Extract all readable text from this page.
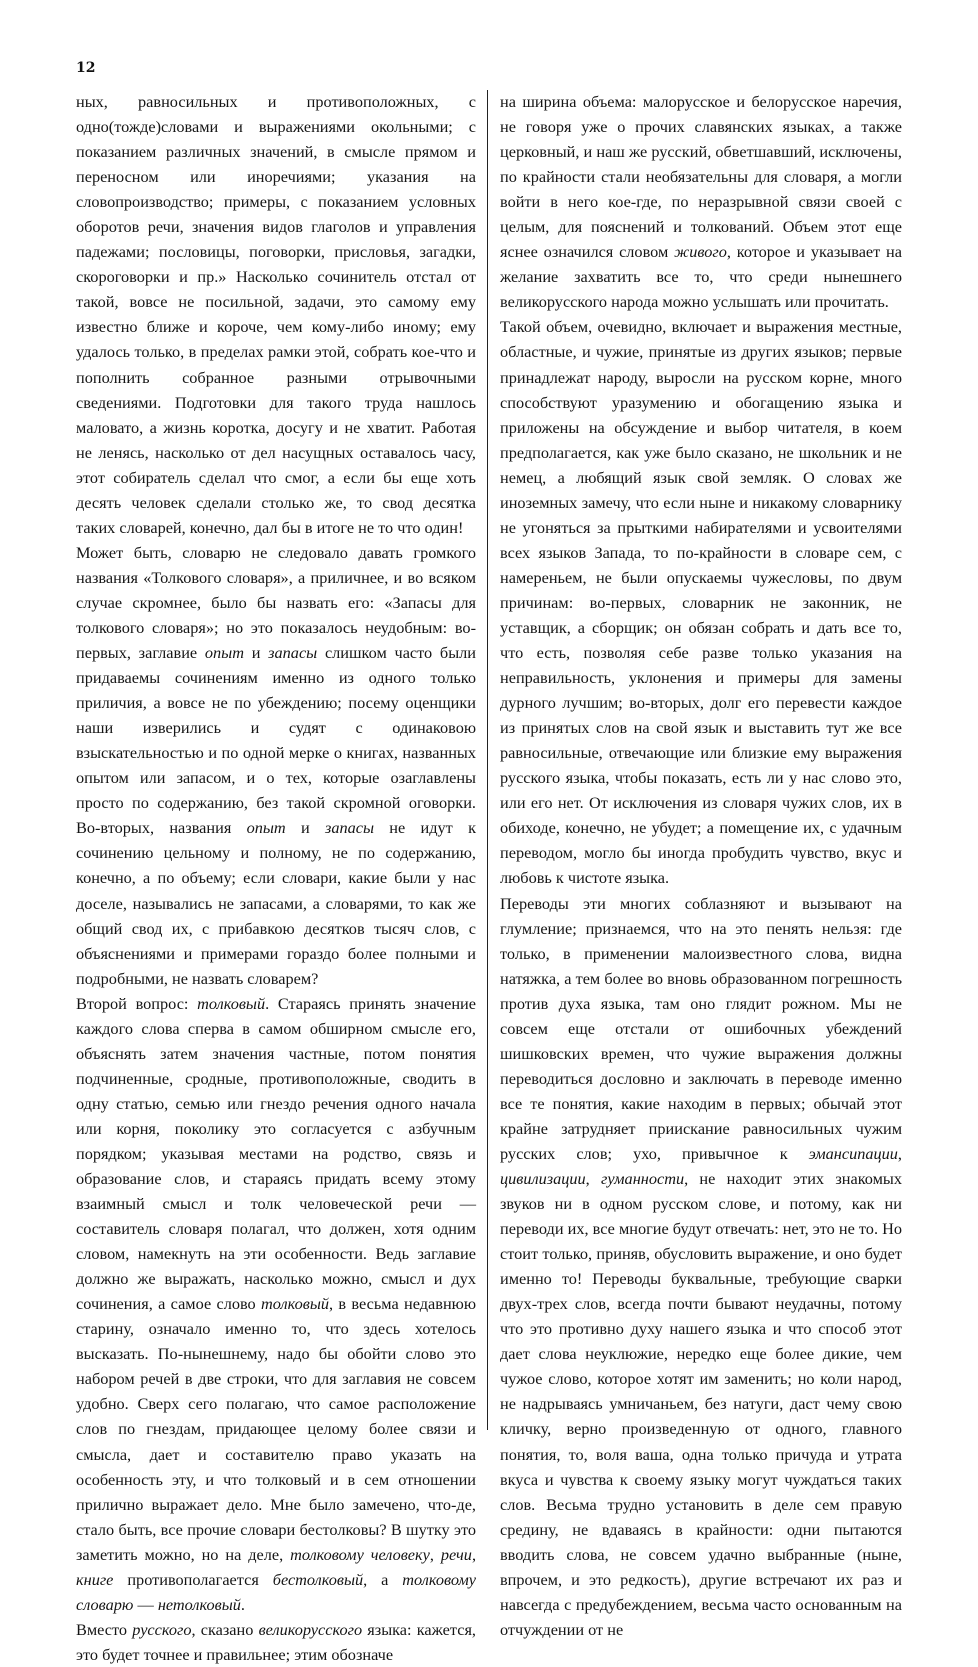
12

ных, равносильных и противоположных, с одно(тожде)словами и выражениями окольными; с показанием различных значений, в смысле прямом и переносном или иноречиями; указания на словопроизводство; примеры, с показанием условных оборотов речи, значения видов глаголов и управления падежами; пословицы, поговорки, присловья, загадки, скороговорки и пр.» Насколько сочинитель отстал от такой, вовсе не посильной, задачи, это самому ему известно ближе и короче, чем кому-либо иному; ему удалось только, в пределах рамки этой, собрать кое-что и пополнить собранное разными отрывочными сведениями. Подготовки для такого труда нашлось маловато, а жизнь коротка, досугу и не хватит. Работая не ленясь, насколько от дел насущных оставалось часу, этот собиратель сделал что смог, а если бы еще хоть десять человек сделали столько же, то свод десятка таких словарей, конечно, дал бы в итоге не то что один!

Может быть, словарю не следовало давать громкого названия «Толкового словаря», а приличнее, и во всяком случае скромнее, было бы назвать его: «Запасы для толкового словаря»; но это показалось неудобным: во-первых, заглавие опыт и запасы слишком часто были придаваемы сочинениям именно из одного только приличия, а вовсе не по убеждению; посему оценщики наши изверились и судят с одинаковою взыскательностью и по одной мерке о книгах, названных опытом или запасом, и о тех, которые озаглавлены просто по содержанию, без такой скромной оговорки. Во-вторых, названия опыт и запасы не идут к сочинению цельному и полному, не по содержанию, конечно, а по объему; если словари, какие были у нас доселе, назывались не запасами, а словарями, то как же общий свод их, с прибавкою десятков тысяч слов, с объяснениями и примерами гораздо более полными и подробными, не назвать словарем?

Второй вопрос: толковый. Стараясь принять значение каждого слова сперва в самом обширном смысле его, объяснять затем значения частные, потом понятия подчиненные, сродные, противоположные, сводить в одну статью, семью или гнездо речения одного начала или корня, поколику это согласуется с азбучным порядком; указывая местами на родство, связь и образование слов, и стараясь придать всему этому взаимный смысл и толк человеческой речи — составитель словаря полагал, что должен, хотя одним словом, намекнуть на эти особенности. Ведь заглавие должно же выражать, насколько можно, смысл и дух сочинения, а самое слово толковый, в весьма недавнюю старину, означало именно то, что здесь хотелось высказать. По-нынешнему, надо бы обойти слово это набором речей в две строки, что для заглавия не совсем удобно. Сверх сего полагаю, что самое расположение слов по гнездам, придающее целому более связи и смысла, дает и составителю право указать на особенность эту, и что толковый и в сем отношении прилично выражает дело. Мне было замечено, что-де, стало быть, все прочие словари бестолковы? В шутку это заметить можно, но на деле, толковому человеку, речи, книге противополагается бестолковый, а толковому словарю — нетолковый.

Вместо русского, сказано великорусского языка: кажется, это будет точнее и правильнее; этим обозначе

на ширина объема: малорусское и белорусское наречия, не говоря уже о прочих славянских языках, а также церковный, и наш же русский, обветшавший, исключены, по крайности стали необязательны для словаря, а могли войти в него кое-где, по неразрывной связи своей с целым, для пояснений и толкований. Объем этот еще яснее означился словом живого, которое и указывает на желание захватить все то, что среди нынешнего великорусского народа можно услышать или прочитать.

Такой объем, очевидно, включает и выражения местные, областные, и чужие, принятые из других языков; первые принадлежат народу, выросли на русском корне, много способствуют уразумению и обогащению языка и приложены на обсуждение и выбор читателя, в коем предполагается, как уже было сказано, не школьник и не немец, а любящий язык свой земляк. О словах же иноземных замечу, что если ныне и никакому словарнику не угоняться за прыткими набирателями и усвоителями всех языков Запада, то по-крайности в словаре сем, с намереньем, не были опускаемы чужесловы, по двум причинам: во-первых, словарник не законник, не уставщик, а сборщик; он обязан собрать и дать все то, что есть, позволяя себе разве только указания на неправильность, уклонения и примеры для замены дурного лучшим; во-вторых, долг его перевести каждое из принятых слов на свой язык и выставить тут же все равносильные, отвечающие или близкие ему выражения русского языка, чтобы показать, есть ли у нас слово это, или его нет. От исключения из словаря чужих слов, их в обиходе, конечно, не убудет; а помещение их, с удачным переводом, могло бы иногда пробудить чувство, вкус и любовь к чистоте языка.

Переводы эти многих соблазняют и вызывают на глумление; признаемся, что на это пенять нельзя: где только, в применении малоизвестного слова, видна натяжка, а тем более во вновь образованном погрешность против духа языка, там оно глядит рожном. Мы не совсем еще отстали от ошибочных убеждений шишковских времен, что чужие выражения должны переводиться дословно и заключать в переводе именно все те понятия, какие находим в первых; обычай этот крайне затрудняет приискание равносильных чужим русских слов; ухо, привычное к эмансипации, цивилизации, гуманности, не находит этих знакомых звуков ни в одном русском слове, и потому, как ни переводи их, все многие будут отвечать: нет, это не то. Но стоит только, приняв, обусловить выражение, и оно будет именно то! Переводы буквальные, требующие сварки двух-трех слов, всегда почти бывают неудачны, потому что это противно духу нашего языка и что способ этот дает слова неуклюжие, нередко еще более дикие, чем чужое слово, которое хотят им заменить; но коли народ, не надрываясь умничаньем, без натуги, даст чему свою кличку, верно произведенную от одного, главного понятия, то, воля ваша, одна только причуда и утрата вкуса и чувства к своему языку могут чуждаться таких слов. Весьма трудно установить в деле сем правую средину, не вдаваясь в крайности: одни пытаются вводить слова, не совсем удачно выбранные (ныне, впрочем, и это редкость), другие встречают их раз и навсегда с предубеждением, весьма часто основанным на отчуждении от не
